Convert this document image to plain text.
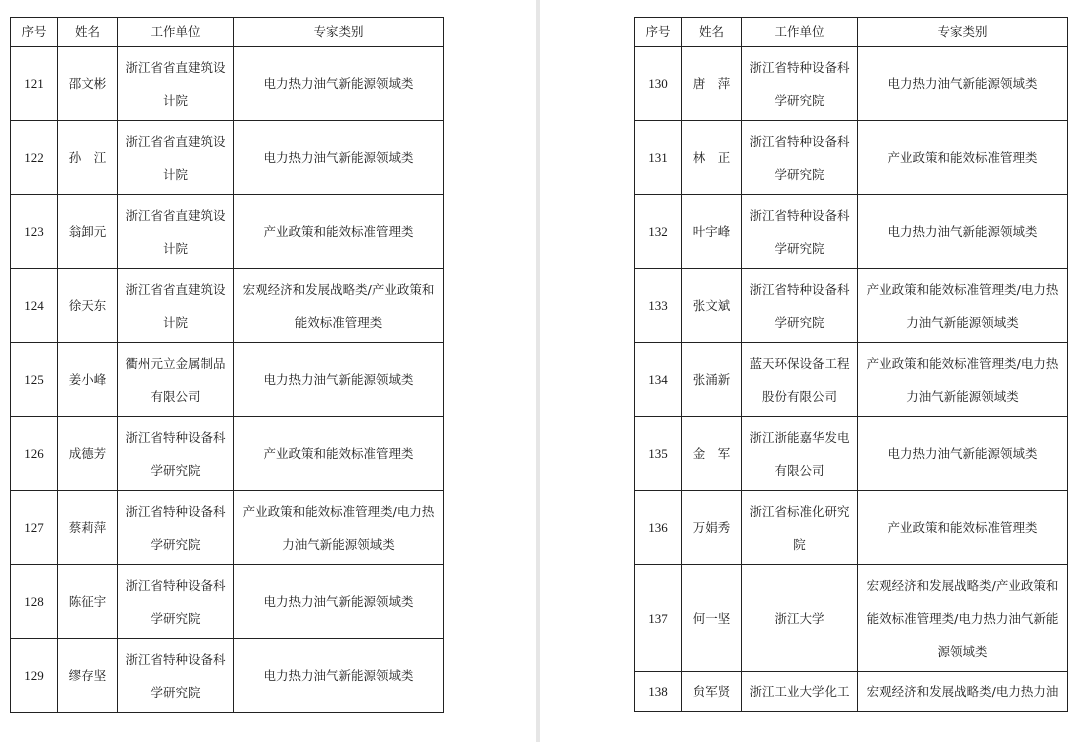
序号	姓名	工作单位	专家类别
121	邵文彬	浙江省省直建筑设计院	电力热力油气新能源领域类
122	孙　江	浙江省省直建筑设计院	电力热力油气新能源领域类
123	翁卸元	浙江省省直建筑设计院	产业政策和能效标准管理类
124	徐天东	浙江省省直建筑设计院	宏观经济和发展战略类/产业政策和能效标准管理类
125	姜小峰	衢州元立金属制品有限公司	电力热力油气新能源领域类
126	成德芳	浙江省特种设备科学研究院	产业政策和能效标准管理类
127	蔡莉萍	浙江省特种设备科学研究院	产业政策和能效标准管理类/电力热力油气新能源领域类
128	陈征宇	浙江省特种设备科学研究院	电力热力油气新能源领域类
129	缪存坚	浙江省特种设备科学研究院	电力热力油气新能源领域类
序号	姓名	工作单位	专家类别
130	唐　萍	浙江省特种设备科学研究院	电力热力油气新能源领域类
131	林　正	浙江省特种设备科学研究院	产业政策和能效标准管理类
132	叶宇峰	浙江省特种设备科学研究院	电力热力油气新能源领域类
133	张文斌	浙江省特种设备科学研究院	产业政策和能效标准管理类/电力热力油气新能源领域类
134	张涌新	蓝天环保设备工程股份有限公司	产业政策和能效标准管理类/电力热力油气新能源领域类
135	金　军	浙江浙能嘉华发电有限公司	电力热力油气新能源领域类
136	万娟秀	浙江省标准化研究院	产业政策和能效标准管理类
137	何一坚	浙江大学	宏观经济和发展战略类/产业政策和能效标准管理类/电力热力油气新能源领域类
138	贠军贤	浙江工业大学化工	宏观经济和发展战略类/电力热力油
